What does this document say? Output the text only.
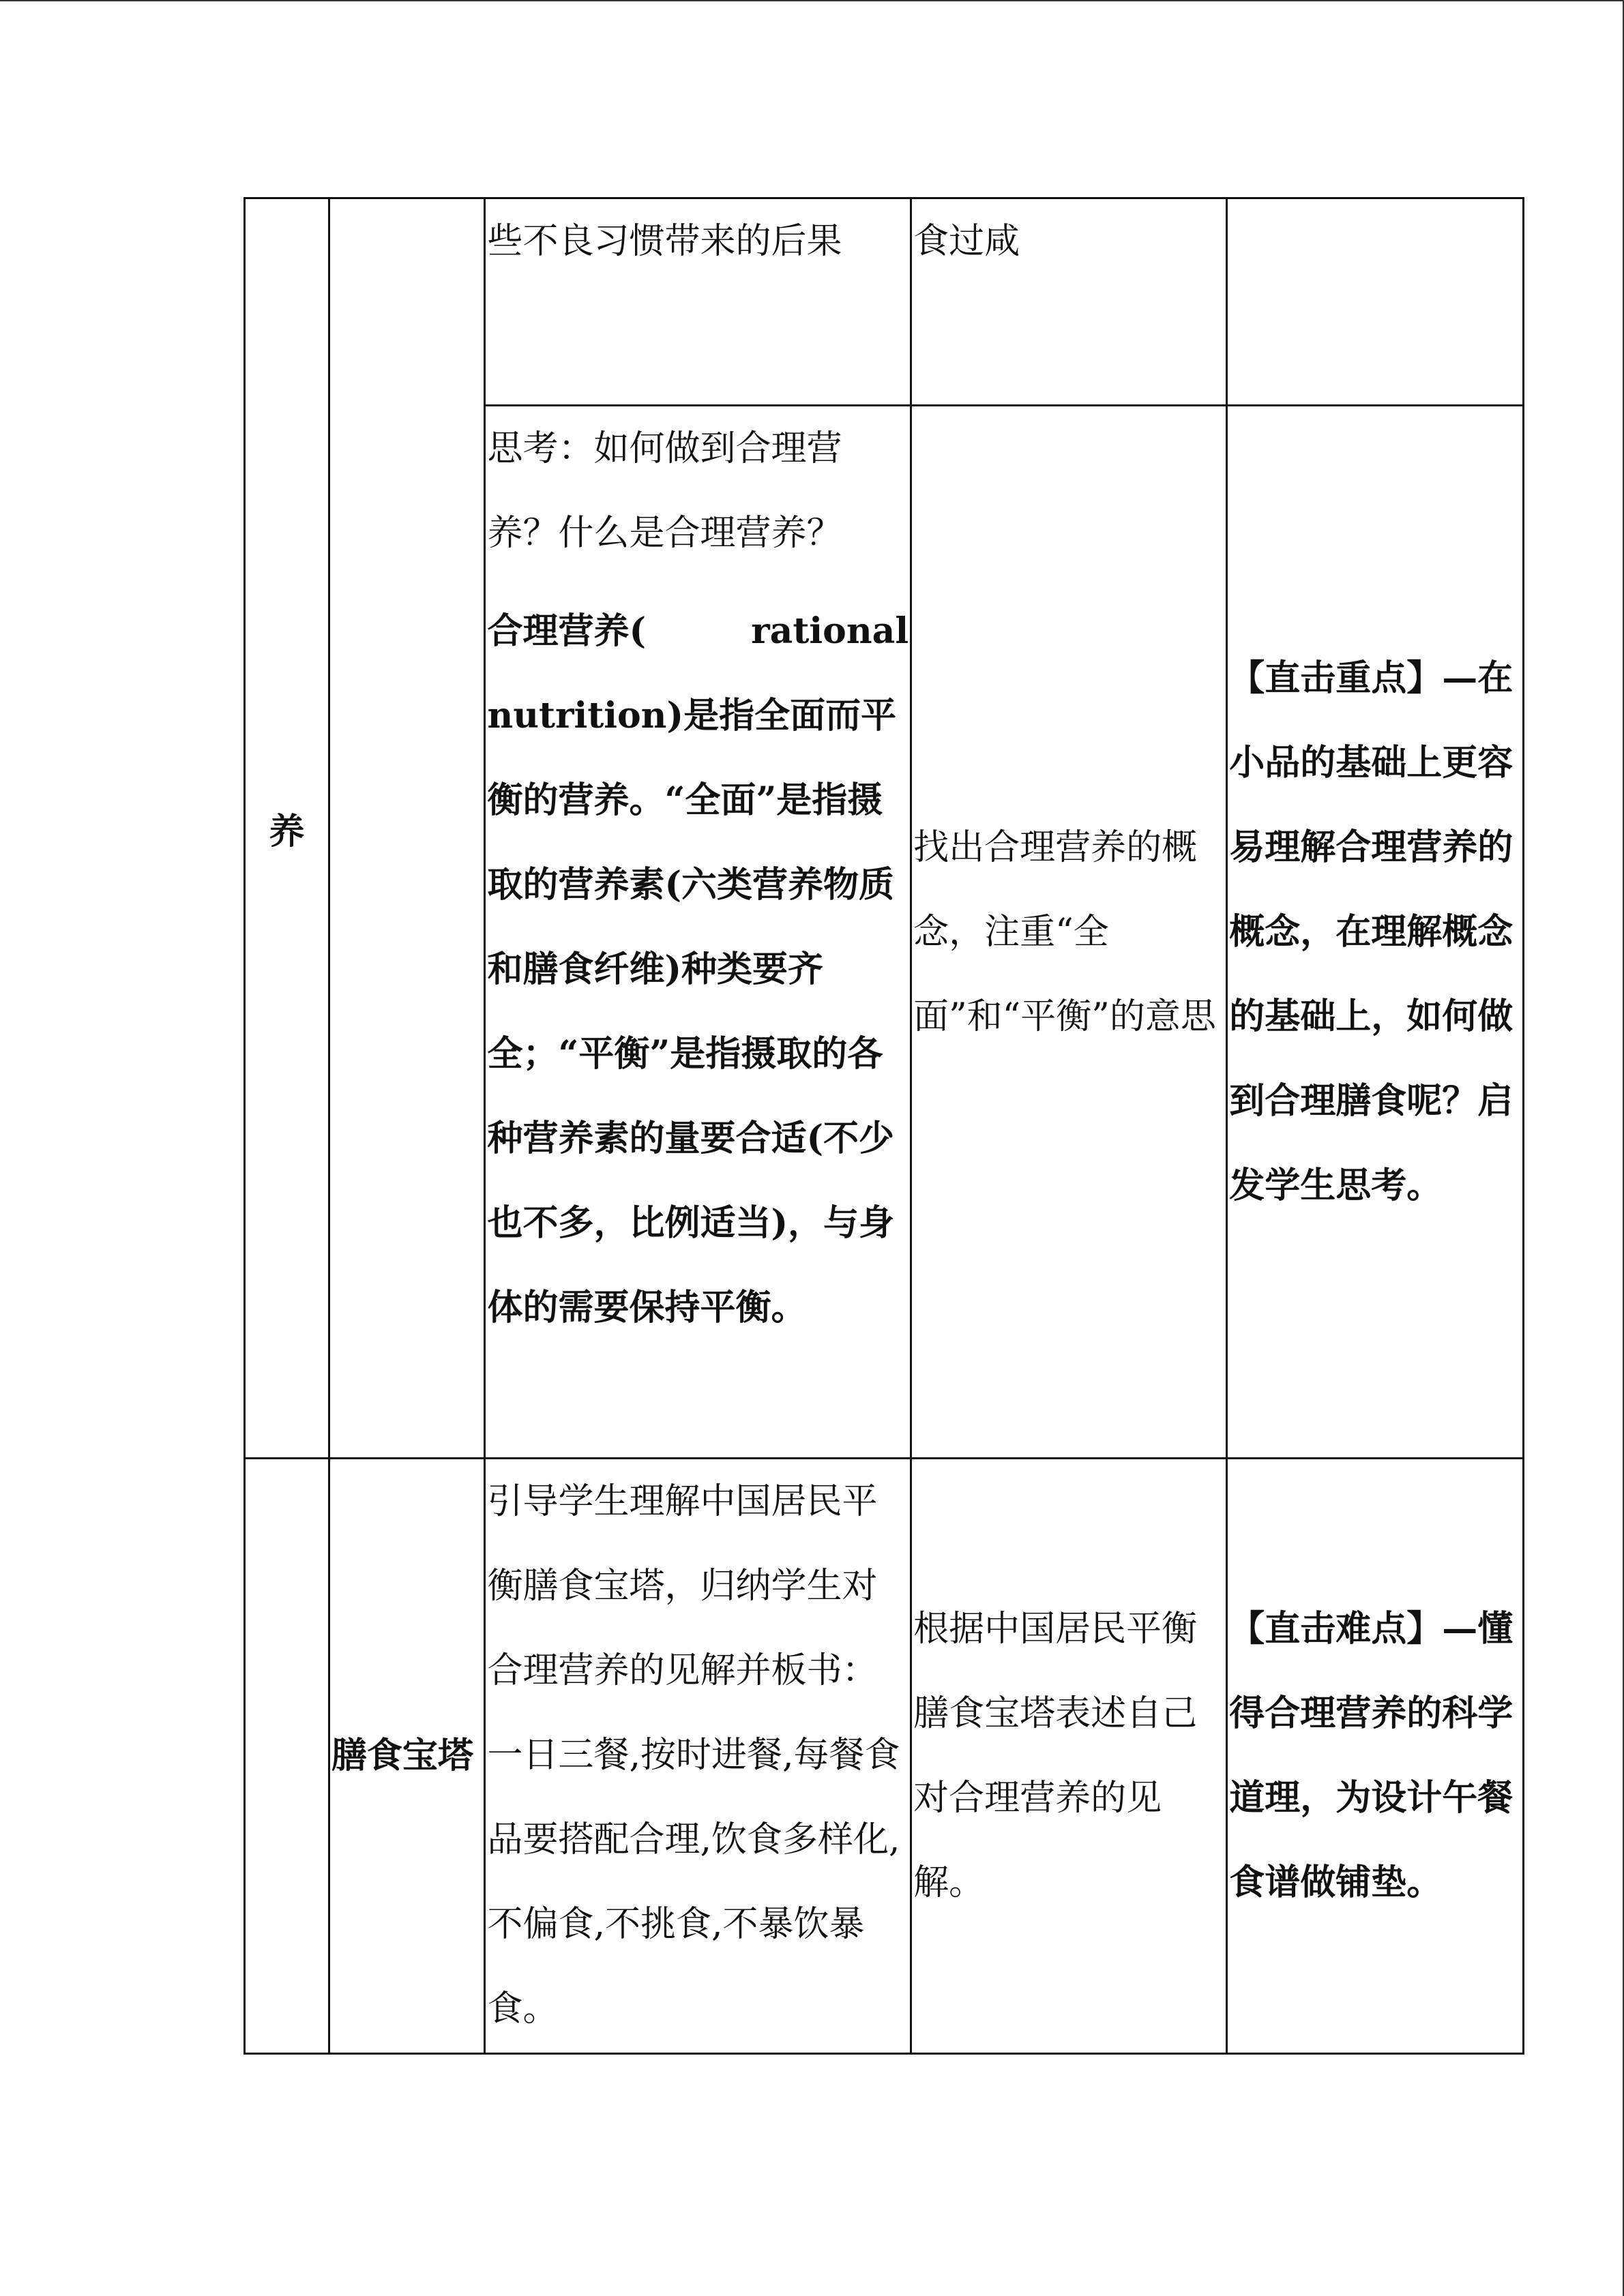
养		些不良习惯带来的后果	食过咸	

		思考：如何做到合理营
养？什么是合理营养？
合理营养( rational
nutrition)是指全面而平衡的营养。“全面”是指摄取的营养素(六类营养物质和膳食纤维)种类要齐全；“平衡”是指摄取的各种营养素的量要合适(不少也不多，比例适当)，与身体的需要保持平衡。	找出合理营养的概念，注重“全面”和“平衡”的意思	【直击重点】—在小品的基础上更容易理解合理营养的概念，在理解概念的基础上，如何做到合理膳食呢？启发学生思考。

	膳食宝塔	引导学生理解中国居民平衡膳食宝塔，归纳学生对合理营养的见解并板书：一日三餐,按时进餐,每餐食品要搭配合理,饮食多样化,不偏食,不挑食,不暴饮暴食。	根据中国居民平衡膳食宝塔表述自己对合理营养的见解。	【直击难点】—懂得合理营养的科学道理，为设计午餐食谱做铺垫。
